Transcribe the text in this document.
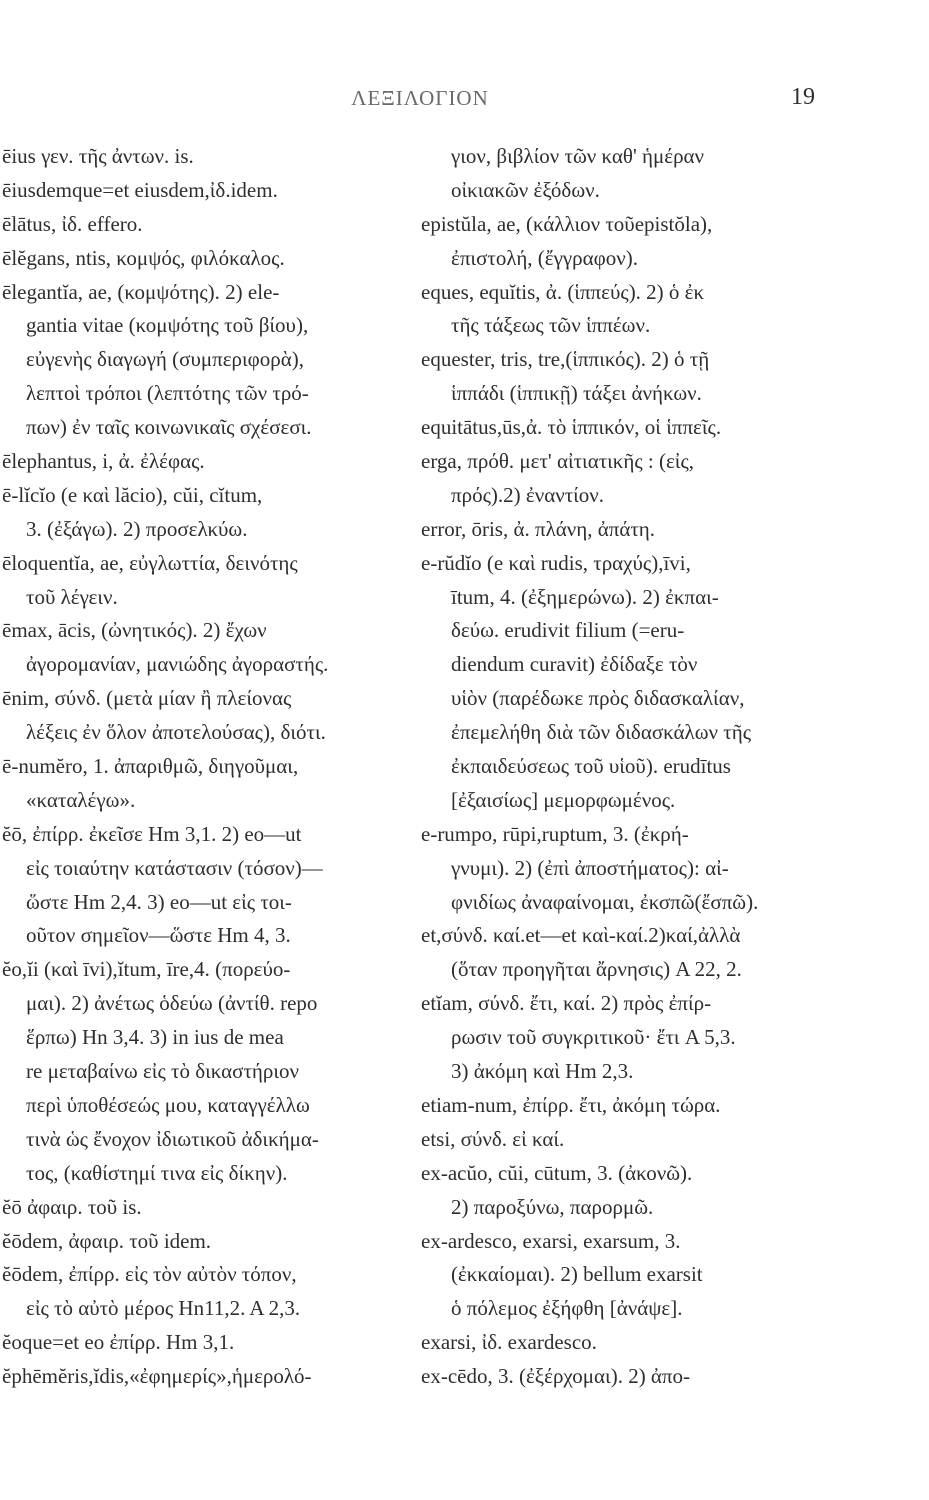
ΛΕΞΙΛΟΓΙΟΝ	19
ēius γεν. τῆς ἀντων. is.
ēiusdemque=et eiusdem,ἰδ.idem.
ēlātus, ἰδ. effero.
ēlĕgans, ntis, κομψός, φιλόκαλος.
ēlegantĭa, ae, (κομψότης). 2) ele-
gantia vitae (κομψότης τοῦ βίου),
εὐγενὴς διαγωγή (συμπεριφορὰ),
λεπτοὶ τρόποι (λεπτότης τῶν τρό-
πων) ἐν ταῖς κοινωνικαῖς σχέσεσι.
ēlephantus, i, ἀ. ἐλέφας.
ē-lĭcĭo (e καὶ lăcio), cŭi, cĭtum,
3. (ἐξάγω). 2) προσελκύω.
ēloquentĭa, ae, εὐγλωττία, δεινότης
τοῦ λέγειν.
ēmax, ācis, (ὠνητικός). 2) ἔχων
ἀγορομανίαν, μανιώδης ἀγοραστής.
ēnim, σύνδ. (μετὰ μίαν ἢ πλείονας
λέξεις ἐν ὅλον ἀποτελούσας), διότι.
ē-numĕro, 1. ἀπαριθμῶ, διηγοῦμαι,
«καταλέγω».
ĕō, ἐπίρρ. ἐκεῖσε Hm 3,1. 2) eo—ut
εἰς τοιαύτην κατάστασιν (τόσον)—
ὥστε Hm 2,4. 3) eo—ut εἰς τοι-
οῦτον σημεῖον—ὥστε Hm 4, 3.
ĕo,ĭi (καὶ īvi),ĭtum, īre,4. (πορεύο-
μαι). 2) ἀνέτως ὁδεύω (ἀντίθ. repo
ἕρπω) Hn 3,4. 3) in ius de mea
re μεταβαίνω εἰς τὸ δικαστήριον
περὶ ὑποθέσεώς μου, καταγγέλλω
τινὰ ὡς ἔνοχον ἰδιωτικοῦ ἀδικήμα-
τος, (καθίστημί τινα εἰς δίκην).
ĕō ἀφαιρ. τοῦ is.
ĕōdem, ἀφαιρ. τοῦ idem.
ĕōdem, ἐπίρρ. εἰς τὸν αὐτὸν τόπον,
εἰς τὸ αὐτὸ μέρος Hn11,2. A 2,3.
ĕoque=et eo ἐπίρρ. Hm 3,1.
ĕphēmĕris,ĭdis,«ἐφημερίς»,ἡμερολό-
γιον, βιβλίον τῶν καθ' ἡμέραν
οἰκιακῶν ἐξόδων.
epistŭla, ae, (κάλλιον τοῦepistŏla),
ἐπιστολή, (ἔγγραφον).
eques, equĭtis, ἀ. (ἱππεύς). 2) ὁ ἐκ
τῆς τάξεως τῶν ἱππέων.
equester, tris, tre,(ἱππικός). 2) ὁ τῇ
ἱππάδι (ἱππικῇ) τάξει ἀνήκων.
equitātus,ūs,ἀ. τὸ ἱππικόν, οἱ ἱππεῖς.
erga, πρόθ. μετ' αἰτιατικῆς : (εἰς,
πρός).2) ἐναντίον.
error, ōris, ἀ. πλάνη, ἀπάτη.
e-rŭdĭo (e καὶ rudis, τραχύς),īvi,
ītum, 4. (ἐξημερώνω). 2) ἐκπαι-
δεύω. erudivit filium (=eru-
diendum curavit) ἐδίδαξε τὸν
υἱὸν (παρέδωκε πρὸς διδασκαλίαν,
ἐπεμελήθη διὰ τῶν διδασκάλων τῆς
ἐκπαιδεύσεως τοῦ υἱοῦ). erudītus
[ἐξαισίως] μεμορφωμένος.
e-rumpo, rūpi,ruptum, 3. (ἐκρή-
γνυμι). 2) (ἐπὶ ἀποστήματος): αἰ-
φνιδίως ἀναφαίνομαι, ἐκσπῶ(ἔσπῶ).
et,σύνδ. καί.et—et καὶ-καί.2)καί,ἀλλὰ
(ὅταν προηγῆται ἄρνησις) A 22, 2.
etĭam, σύνδ. ἔτι, καί. 2) πρὸς ἐπίρ-
ρωσιν τοῦ συγκριτικοῦ· ἔτι A 5,3.
3) ἀκόμη καὶ Hm 2,3.
etiam-num, ἐπίρρ. ἔτι, ἀκόμη τώρα.
etsi, σύνδ. εἰ καί.
ex-acŭo, cŭi, cūtum, 3. (ἀκονῶ).
2) παροξύνω, παρορμῶ.
ex-ardesco, exarsi, exarsum, 3.
(ἐκκαίομαι). 2) bellum exarsit
ὁ πόλεμος ἐξήφθη [ἀνάψε].
exarsi, ἰδ. exardesco.
ex-cēdo, 3. (ἐξέρχομαι). 2) ἀπο-
